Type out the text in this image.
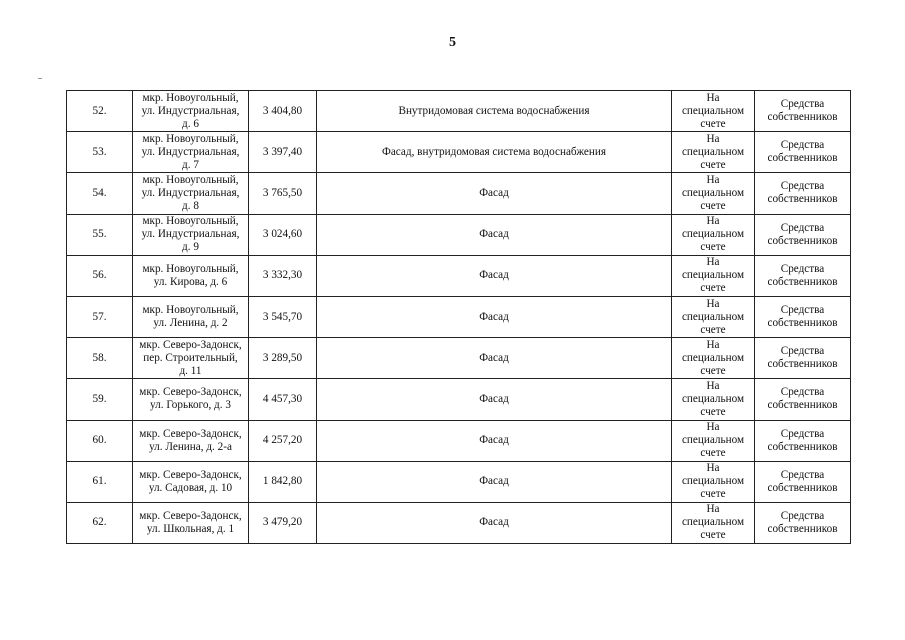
5
52.	мкр. Новоугольный,
ул. Индустриальная,
д. 6	3 404,80	Внутридомовая система водоснабжения	На
специальном
счете	Средства
собственников

53.	мкр. Новоугольный,
ул. Индустриальная,
д. 7	3 397,40	Фасад, внутридомовая система водоснабжения	На
специальном
счете	Средства
собственников

54.	мкр. Новоугольный,
ул. Индустриальная,
д. 8	3 765,50	Фасад	На
специальном
счете	Средства
собственников

55.	мкр. Новоугольный,
ул. Индустриальная,
д. 9	3 024,60	Фасад	На
специальном
счете	Средства
собственников

56.	мкр. Новоугольный,
ул. Кирова, д. 6	3 332,30	Фасад	На
специальном
счете	Средства
собственников

57.	мкр. Новоугольный,
ул. Ленина, д. 2	3 545,70	Фасад	На
специальном
счете	Средства
собственников

58.	мкр. Северо-Задонск,
пер. Строительный,
д. 11	3 289,50	Фасад	На
специальном
счете	Средства
собственников

59.	мкр. Северо-Задонск,
ул. Горького, д. 3	4 457,30	Фасад	На
специальном
счете	Средства
собственников

60.	мкр. Северо-Задонск,
ул. Ленина, д. 2-а	4 257,20	Фасад	На
специальном
счете	Средства
собственников

61.	мкр. Северо-Задонск,
ул. Садовая, д. 10	1 842,80	Фасад	На
специальном
счете	Средства
собственников

62.	мкр. Северо-Задонск,
ул. Школьная, д. 1	3 479,20	Фасад	На
специальном
счете	Средства
собственников
